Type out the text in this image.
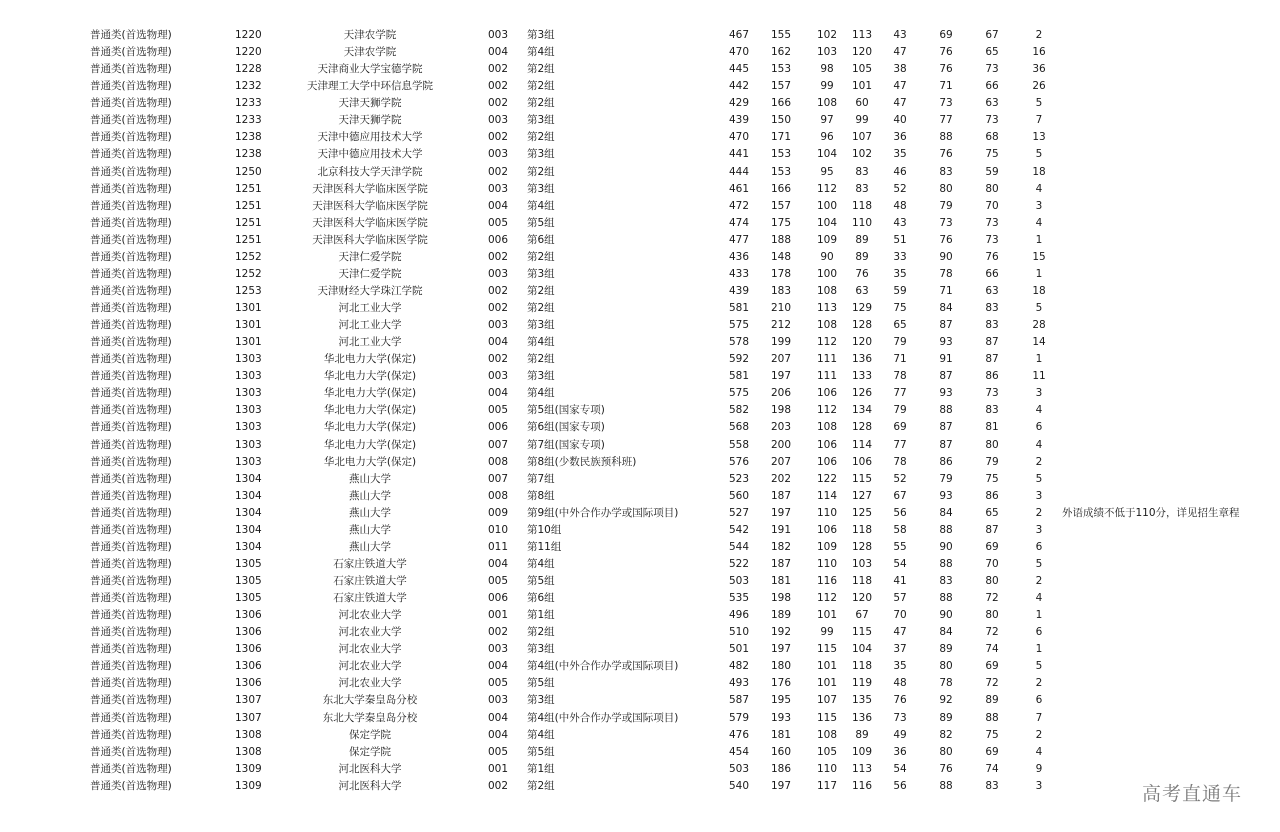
普通类(首选物理)	1220	天津农学院	003 第3组	467 155 102 113	43	69	67	2
普通类(首选物理)	1220	天津农学院	004 第4组	470 162 103 120	47	76	65	16
普通类(首选物理)	1228	天津商业大学宝德学院	002 第2组	445 153	98	105	38	76	73	36
普通类(首选物理)	1232	天津理工大学中环信息学院	002 第2组	442 157	99	101	47	71	66	26
普通类(首选物理)	1233	天津天狮学院	002 第2组	429 166 108	60	47	73	63	5
普通类(首选物理)	1233	天津天狮学院	003 第3组	439 150	97	99	40	77	73	7
普通类(首选物理)	1238	天津中德应用技术大学	002 第2组	470 171	96	107	36	88	68	13
普通类(首选物理)	1238	天津中德应用技术大学	003 第3组	441 153 104 102	35	76	75	5
普通类(首选物理)	1250	北京科技大学天津学院	002 第2组	444 153	95	83	46	83	59	18
普通类(首选物理)	1251	天津医科大学临床医学院	003 第3组	461 166 112	83	52	80	80	4
普通类(首选物理)	1251	天津医科大学临床医学院	004 第4组	472 157 100 118	48	79	70	3
普通类(首选物理)	1251	天津医科大学临床医学院	005 第5组	474 175 104 110	43	73	73	4
普通类(首选物理)	1251	天津医科大学临床医学院	006 第6组	477 188 109	89	51	76	73	1
普通类(首选物理)	1252	天津仁爱学院	002 第2组	436 148	90	89	33	90	76	15
普通类(首选物理)	1252	天津仁爱学院	003 第3组	433 178 100	76	35	78	66	1
普通类(首选物理)	1253	天津财经大学珠江学院	002 第2组	439 183 108	63	59	71	63	18
普通类(首选物理)	1301	河北工业大学	002 第2组	581 210 113 129	75	84	83	5
普通类(首选物理)	1301	河北工业大学	003 第3组	575 212 108 128	65	87	83	28
普通类(首选物理)	1301	河北工业大学	004 第4组	578 199 112 120	79	93	87	14
普通类(首选物理)	1303	华北电力大学(保定)	002 第2组	592 207 111 136	71	91	87	1
普通类(首选物理)	1303	华北电力大学(保定)	003 第3组	581 197 111 133	78	87	86	11
普通类(首选物理)	1303	华北电力大学(保定)	004 第4组	575 206 106 126	77	93	73	3
普通类(首选物理)	1303	华北电力大学(保定)	005 第5组(国家专项)	582 198 112 134	79	88	83	4
普通类(首选物理)	1303	华北电力大学(保定)	006 第6组(国家专项)	568 203 108 128	69	87	81	6
普通类(首选物理)	1303	华北电力大学(保定)	007 第7组(国家专项)	558 200 106 114	77	87	80	4
普通类(首选物理)	1303	华北电力大学(保定)	008 第8组(少数民族预科班)	576 207 106 106	78	86	79	2
普通类(首选物理)	1304	燕山大学	007 第7组	523 202 122 115	52	79	75	5
普通类(首选物理)	1304	燕山大学	008 第8组	560 187 114 127	67	93	86	3
普通类(首选物理)	1304	燕山大学	009 第9组(中外合作办学或国际项目)	527 197 110 125	56	84	65	2	外语成绩不低于110分，详见招生章程
普通类(首选物理)	1304	燕山大学	010 第10组	542 191 106 118	58	88	87	3
普通类(首选物理)	1304	燕山大学	011 第11组	544 182 109 128	55	90	69	6
普通类(首选物理)	1305	石家庄铁道大学	004 第4组	522 187 110 103	54	88	70	5
普通类(首选物理)	1305	石家庄铁道大学	005 第5组	503 181 116 118	41	83	80	2
普通类(首选物理)	1305	石家庄铁道大学	006 第6组	535 198 112 120	57	88	72	4
普通类(首选物理)	1306	河北农业大学	001 第1组	496 189 101	67	70	90	80	1
普通类(首选物理)	1306	河北农业大学	002 第2组	510 192	99	115	47	84	72	6
普通类(首选物理)	1306	河北农业大学	003 第3组	501 197 115 104	37	89	74	1
普通类(首选物理)	1306	河北农业大学	004 第4组(中外合作办学或国际项目)	482 180 101 118	35	80	69	5
普通类(首选物理)	1306	河北农业大学	005 第5组	493 176 101 119	48	78	72	2
普通类(首选物理)	1307	东北大学秦皇岛分校	003 第3组	587 195 107 135	76	92	89	6
普通类(首选物理)	1307	东北大学秦皇岛分校	004 第4组(中外合作办学或国际项目)	579 193 115 136	73	89	88	7
普通类(首选物理)	1308	保定学院	004 第4组	476 181 108	89	49	82	75	2
普通类(首选物理)	1308	保定学院	005 第5组	454 160 105 109	36	80	69	4
普通类(首选物理)	1309	河北医科大学	001 第1组	503 186 110 113	54	76	74	9
普通类(首选物理)	1309	河北医科大学	002 第2组	540 197 117 116	56	88	83	3	高考直通车
